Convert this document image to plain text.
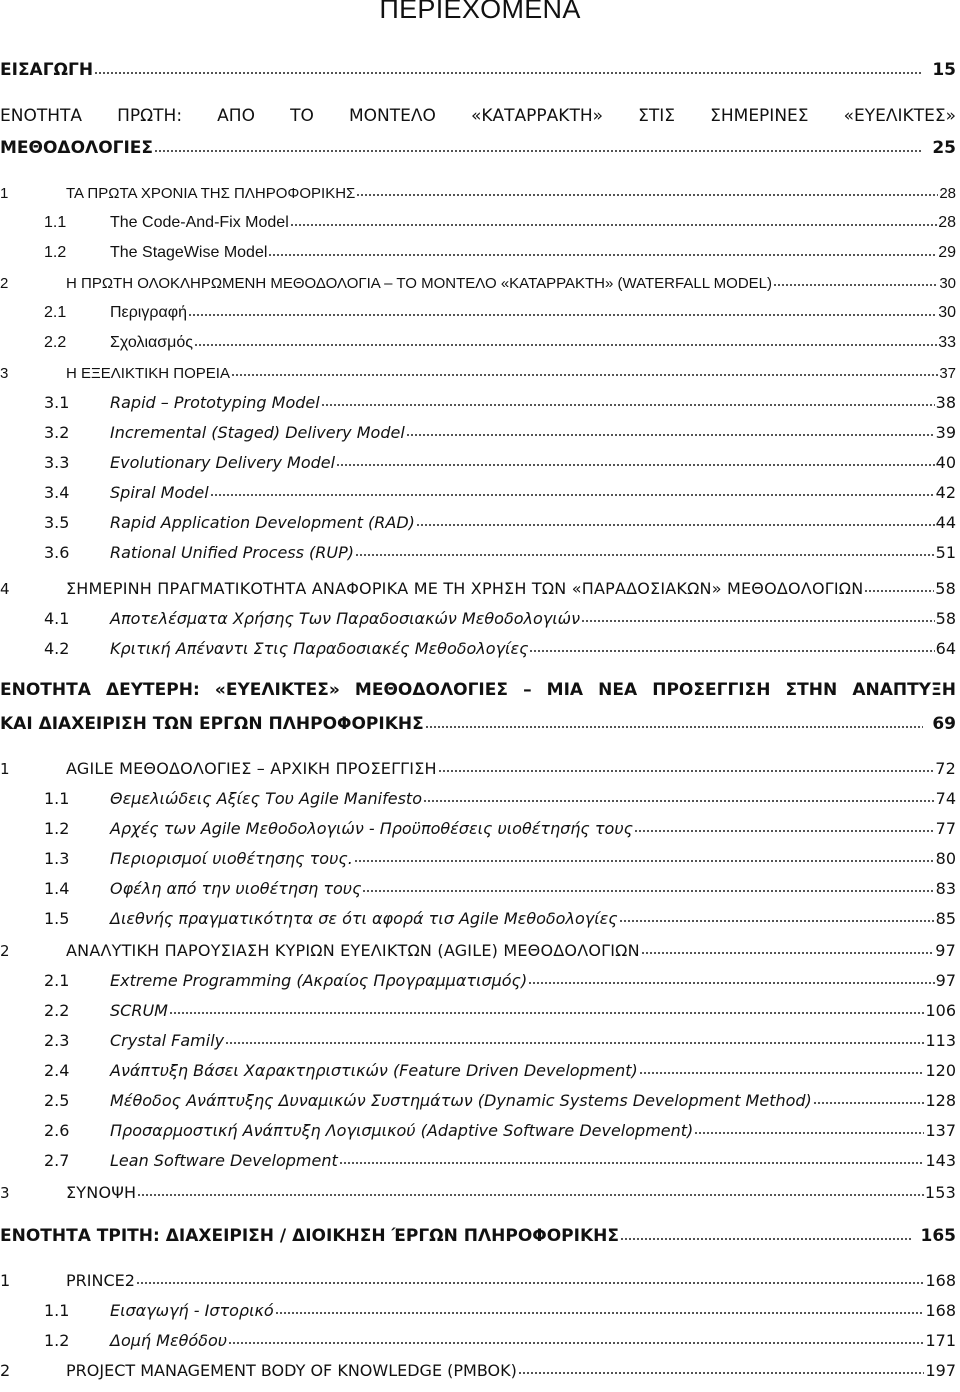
ΠΕΡΙΕΧΟΜΕΝΑ
ΕΙΣΑΓΩΓΗ	15
ΕΝΟΤΗΤΑ ΠΡΩΤΗ: ΑΠΟ ΤΟ ΜΟΝΤΕΛΟ «ΚΑΤΑΡΡΑΚΤΗ» ΣΤΙΣ ΣΗΜΕΡΙΝΕΣ «ΕΥΕΛΙΚΤΕΣ»
ΜΕΘΟΔΟΛΟΓΙΕΣ	25
1	ΤΑ ΠΡΩΤΑ ΧΡΟΝΙΑ ΤΗΣ ΠΛΗΡΟΦΟΡΙΚΗΣ	28
1.1	The Code-And-Fix Model	28
1.2	The StageWise Model	29
2	Η ΠΡΩΤΗ ΟΛΟΚΛΗΡΩΜΕΝΗ ΜΕΘΟΔΟΛΟΓΙΑ – ΤΟ ΜΟΝΤΕΛΟ «ΚΑΤΑΡΡΑΚΤΗ» (WATERFALL MODEL)	30
2.1	Περιγραφή	30
2.2	Σχολιασμός	33
3	Η ΕΞΕΛΙΚΤΙΚΗ ΠΟΡΕΙΑ	37
3.1	Rapid – Prototyping Model	38
3.2	Incremental (Staged) Delivery Model	39
3.3	Evolutionary Delivery Model	40
3.4	Spiral Model	42
3.5	Rapid Application Development (RAD)	44
3.6	Rational Unified Process (RUP)	51
4	ΣΗΜΕΡΙΝΗ ΠΡΑΓΜΑΤΙΚΟΤΗΤΑ ΑΝΑΦΟΡΙΚΑ ΜΕ ΤΗ ΧΡΗΣΗ ΤΩΝ «ΠΑΡΑΔΟΣΙΑΚΩΝ» ΜΕΘΟΔΟΛΟΓΙΩΝ	58
4.1	Αποτελέσματα Χρήσης Των Παραδοσιακών Μεθοδολογιών	58
4.2	Κριτική Απέναντι Στις Παραδοσιακές Μεθοδολογίες	64
ΕΝΟΤΗΤΑ ΔΕΥΤΕΡΗ: «ΕΥΕΛΙΚΤΕΣ» ΜΕΘΟΔΟΛΟΓΙΕΣ – ΜΙΑ ΝΕΑ ΠΡΟΣΕΓΓΙΣΗ ΣΤΗΝ ΑΝΑΠΤΥΞΗ
ΚΑΙ ΔΙΑΧΕΙΡΙΣΗ ΤΩΝ ΕΡΓΩΝ ΠΛΗΡΟΦΟΡΙΚΗΣ	69
1	AGILE ΜΕΘΟΔΟΛΟΓΙΕΣ – ΑΡΧΙΚΗ ΠΡΟΣΕΓΓΙΣΗ	72
1.1	Θεμελιώδεις Αξίες Του Agile Manifesto	74
1.2	Αρχές των Agile Μεθοδολογιών - Προϋποθέσεις υιοθέτησής τους	77
1.3	Περιορισμοί υιοθέτησης τους.	80
1.4	Οφέλη από την υιοθέτηση τους	83
1.5	Διεθνής πραγματικότητα σε ότι αφορά τισ Agile Μεθοδολογίες	85
2	ΑΝΑΛΥΤΙΚΗ ΠΑΡΟΥΣΙΑΣΗ ΚΥΡΙΩΝ ΕΥΕΛΙΚΤΩΝ (AGILE) ΜΕΘΟΔΟΛΟΓΙΩΝ	97
2.1	Extreme Programming (Ακραίος Προγραμματισμός)	97
2.2	SCRUM	106
2.3	Crystal Family	113
2.4	Ανάπτυξη Βάσει Χαρακτηριστικών (Feature Driven Development)	120
2.5	Μέθοδος Ανάπτυξης Δυναμικών Συστημάτων (Dynamic Systems Development Method)	128
2.6	Προσαρμοστική Ανάπτυξη Λογισμικού (Adaptive Software Development)	137
2.7	Lean Software Development	143
3	ΣΥΝΟΨΗ	153
ΕΝΟΤΗΤΑ ΤΡΙΤΗ: ΔΙΑΧΕΙΡΙΣΗ / ΔΙΟΙΚΗΣΗ ΈΡΓΩΝ ΠΛΗΡΟΦΟΡΙΚΗΣ	165
1	PRINCE2	168
1.1	Εισαγωγή - Ιστορικό	168
1.2	Δομή Μεθόδου	171
2	PROJECT MANAGEMENT BODY OF KNOWLEDGE (PMBOK)	197
